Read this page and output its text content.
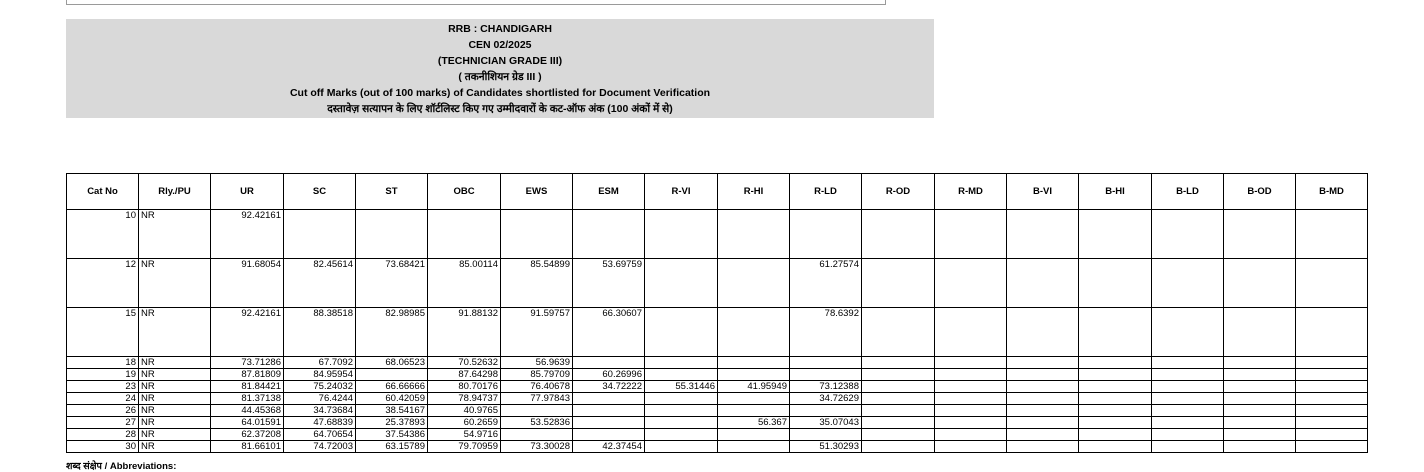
RRB : CHANDIGARH
CEN 02/2025
(TECHNICIAN GRADE III)
( तकनीशियन ग्रेड III )
Cut off Marks (out of 100 marks) of Candidates shortlisted for Document Verification
दस्तावेज़ सत्यापन के लिए शॉर्टलिस्ट किए गए उम्मीदवारों के कट-ऑफ अंक (100 अंकों में से)
Cat No	Rly./PU	UR	SC	ST	OBC	EWS	ESM	R-VI	R-HI	R-LD	R-OD	R-MD	B-VI	B-HI	B-LD	B-OD	B-MD
10	NR	92.42161															
12	NR	91.68054	82.45614	73.68421	85.00114	85.54899	53.69759			61.27574							
15	NR	92.42161	88.38518	82.98985	91.88132	91.59757	66.30607			78.6392							
18	NR	73.71286	67.7092	68.06523	70.52632	56.9639											
19	NR	87.81809	84.95954		87.64298	85.79709	60.26996										
23	NR	81.84421	75.24032	66.66666	80.70176	76.40678	34.72222	55.31446	41.95949	73.12388							
24	NR	81.37138	76.4244	60.42059	78.94737	77.97843				34.72629							
26	NR	44.45368	34.73684	38.54167	40.9765												
27	NR	64.01591	47.68839	25.37893	60.2659	53.52836			56.367	35.07043							
28	NR	62.37208	64.70654	37.54386	54.9716												
30	NR	81.66101	74.72003	63.15789	79.70959	73.30028	42.37454			51.30293							
शब्द संक्षेप / Abbreviations:
